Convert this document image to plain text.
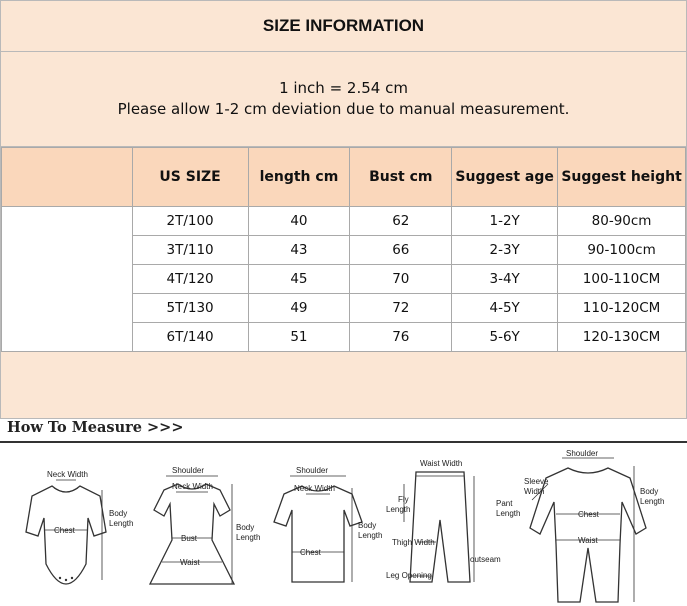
SIZE INFORMATION
1 inch = 2.54 cm
Please allow 1-2 cm deviation due to manual measurement.
	US SIZE	length cm	Bust cm	Suggest age	Suggest height
	2T/100	40	62	1-2Y	80-90cm
	3T/110	43	66	2-3Y	90-100cm
	4T/120	45	70	3-4Y	100-110CM
	5T/130	49	72	4-5Y	110-120CM
	6T/140	51	76	5-6Y	120-130CM
How To Measure >>>
Neck Width
Chest
Body
Length
Shoulder
Neck Width
Bust
Waist
Body
Length
Shoulder
Neck Width
Chest
Body
Length
Waist Width
Fly
Length
Pant
Length
Thigh Width
outseam
Leg Opening
Shoulder
Sleeve
Width
Chest
Waist
Body
Length
